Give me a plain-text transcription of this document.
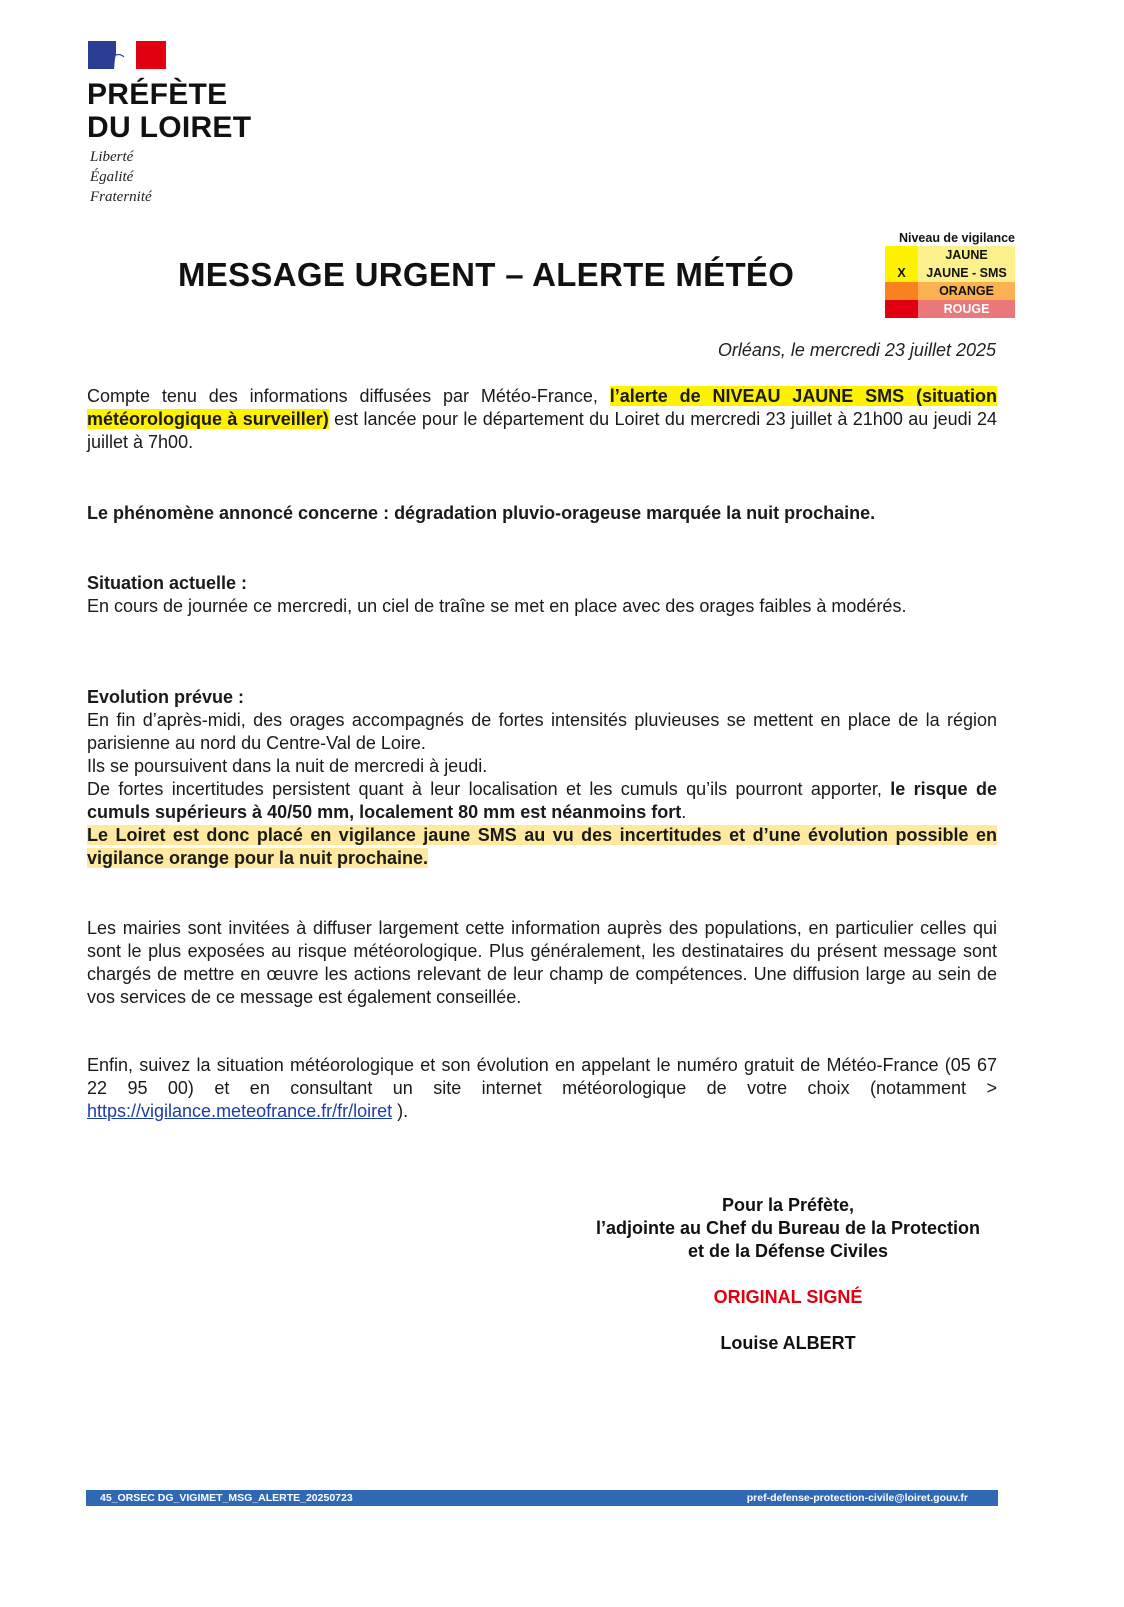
PRÉFÈTE
DU LOIRET
Liberté
Égalité
Fraternité
MESSAGE URGENT – ALERTE MÉTÉO
Niveau de vigilance
JAUNE
X	JAUNE - SMS
ORANGE
ROUGE
Orléans, le mercredi 23 juillet 2025
Compte tenu des informations diffusées par Météo-France, l’alerte de NIVEAU JAUNE SMS (situation météorologique à surveiller) est lancée pour le département du Loiret du mercredi 23 juillet à 21h00 au jeudi 24 juillet à 7h00.
Le phénomène annoncé concerne : dégradation pluvio-orageuse marquée la nuit prochaine.
Situation actuelle :
En cours de journée ce mercredi, un ciel de traîne se met en place avec des orages faibles à modérés.
Evolution prévue :
En fin d’après-midi, des orages accompagnés de fortes intensités pluvieuses se mettent en place de la région parisienne au nord du Centre-Val de Loire.
Ils se poursuivent dans la nuit de mercredi à jeudi.
De fortes incertitudes persistent quant à leur localisation et les cumuls qu’ils pourront apporter, le risque de cumuls supérieurs à 40/50 mm, localement 80 mm est néanmoins fort.
Le Loiret est donc placé en vigilance jaune SMS au vu des incertitudes et d’une évolution possible en vigilance orange pour la nuit prochaine.
Les mairies sont invitées à diffuser largement cette information auprès des populations, en particulier celles qui sont le plus exposées au risque météorologique. Plus généralement, les destinataires du présent message sont chargés de mettre en œuvre les actions relevant de leur champ de compétences. Une diffusion large au sein de vos services de ce message est également conseillée.
Enfin, suivez la situation météorologique et son évolution en appelant le numéro gratuit de Météo-France (05 67 22 95 00) et en consultant un site internet météorologique de votre choix (notamment > https://vigilance.meteofrance.fr/fr/loiret ).
Pour la Préfète,
l’adjointe au Chef du Bureau de la Protection
et de la Défense Civiles
ORIGINAL SIGNÉ
Louise ALBERT
45_ORSEC DG_VIGIMET_MSG_ALERTE_20250723	pref-defense-protection-civile@loiret.gouv.fr
